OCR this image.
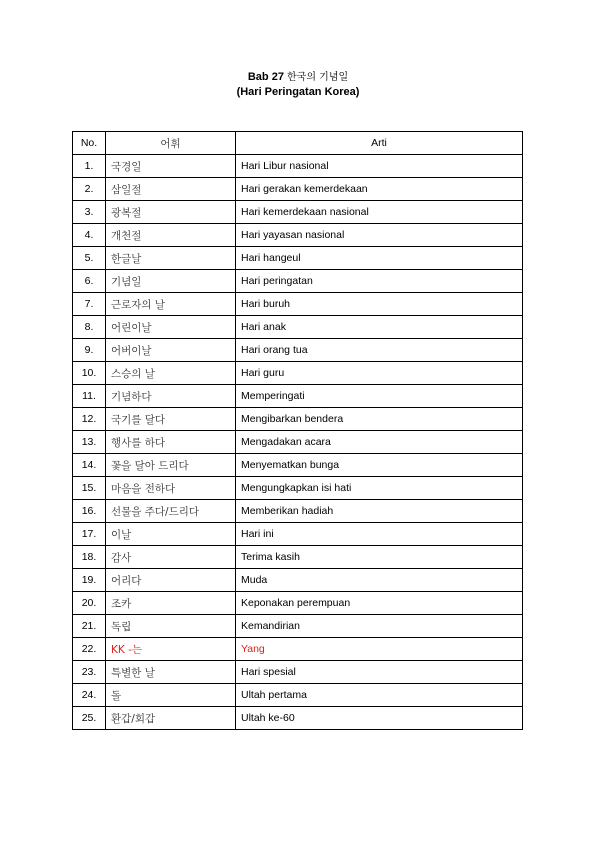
Bab 27 한국의 기념일
(Hari Peringatan Korea)
No.	어휘	Arti
1.	국경일	Hari Libur nasional
2.	삼일절	Hari gerakan kemerdekaan
3.	광복절	Hari kemerdekaan nasional
4.	개천절	Hari yayasan nasional
5.	한글날	Hari hangeul
6.	기념일	Hari peringatan
7.	근로자의 날	Hari buruh
8.	어린이날	Hari anak
9.	어버이날	Hari orang tua
10.	스승의 날	Hari guru
11.	기념하다	Memperingati
12.	국기를 달다	Mengibarkan bendera
13.	행사를 하다	Mengadakan acara
14.	꽃을 달아 드리다	Menyematkan bunga
15.	마음을 전하다	Mengungkapkan isi hati
16.	선물을 주다/드리다	Memberikan hadiah
17.	이날	Hari ini
18.	감사	Terima kasih
19.	어리다	Muda
20.	조카	Keponakan perempuan
21.	독립	Kemandirian
22.	KK -는	Yang
23.	특별한 날	Hari spesial
24.	돌	Ultah pertama
25.	환갑/회갑	Ultah ke-60
